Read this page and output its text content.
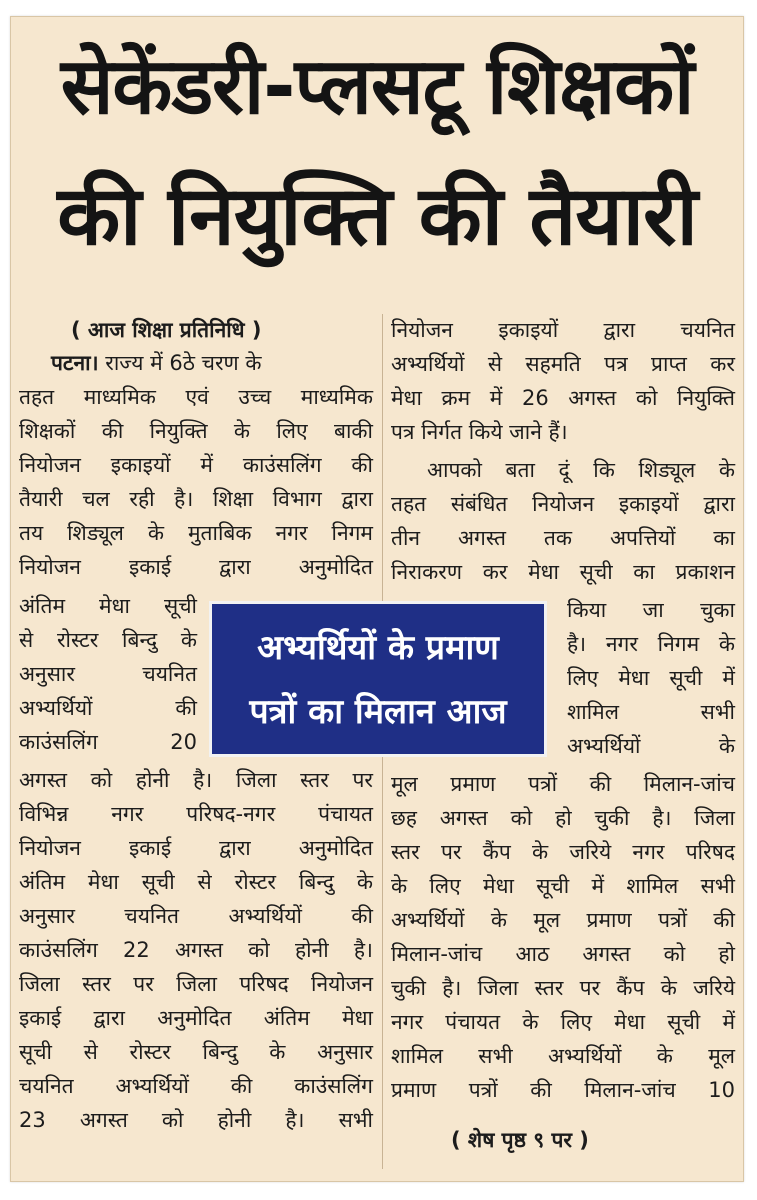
सेकेंडरी-प्लसटू शिक्षकों
की नियुक्ति की तैयारी
( आज शिक्षा प्रतिनिधि )
पटना। राज्य में 6ठे चरण के
तहत माध्यमिक एवं उच्च माध्यमिक
शिक्षकों की नियुक्ति के लिए बाकी
नियोजन इकाइयों में काउंसलिंग की
तैयारी चल रही है। शिक्षा विभाग द्वारा
तय शिड्यूल के मुताबिक नगर निगम
नियोजन इकाई द्वारा अनुमोदित
अंतिम मेधा सूची
से रोस्टर बिन्दु के
अनुसार चयनित
अभ्यर्थियों की
काउंसलिंग 20
अगस्त को होनी है। जिला स्तर पर
विभिन्न नगर परिषद-नगर पंचायत
नियोजन इकाई द्वारा अनुमोदित
अंतिम मेधा सूची से रोस्टर बिन्दु के
अनुसार चयनित अभ्यर्थियों की
काउंसलिंग 22 अगस्त को होनी है।
जिला स्तर पर जिला परिषद नियोजन
इकाई द्वारा अनुमोदित अंतिम मेधा
सूची से रोस्टर बिन्दु के अनुसार
चयनित अभ्यर्थियों की काउंसलिंग
23 अगस्त को होनी है। सभी
नियोजन इकाइयों द्वारा चयनित
अभ्यर्थियों से सहमति पत्र प्राप्त कर
मेधा क्रम में 26 अगस्त को नियुक्ति
पत्र निर्गत किये जाने हैं।
आपको बता दूं कि शिड्यूल के
तहत संबंधित नियोजन इकाइयों द्वारा
तीन अगस्त तक अपत्तियों का
निराकरण कर मेधा सूची का प्रकाशन
किया जा चुका
है। नगर निगम के
लिए मेधा सूची में
शामिल सभी
अभ्यर्थियों के
मूल प्रमाण पत्रों की मिलान-जांच
छह अगस्त को हो चुकी है। जिला
स्तर पर कैंप के जरिये नगर परिषद
के लिए मेधा सूची में शामिल सभी
अभ्यर्थियों के मूल प्रमाण पत्रों की
मिलान-जांच आठ अगस्त को हो
चुकी है। जिला स्तर पर कैंप के जरिये
नगर पंचायत के लिए मेधा सूची में
शामिल सभी अभ्यर्थियों के मूल
प्रमाण पत्रों की मिलान-जांच 10
( शेष पृष्ठ ९ पर )
अभ्यर्थियों के प्रमाण
पत्रों का मिलान आज
